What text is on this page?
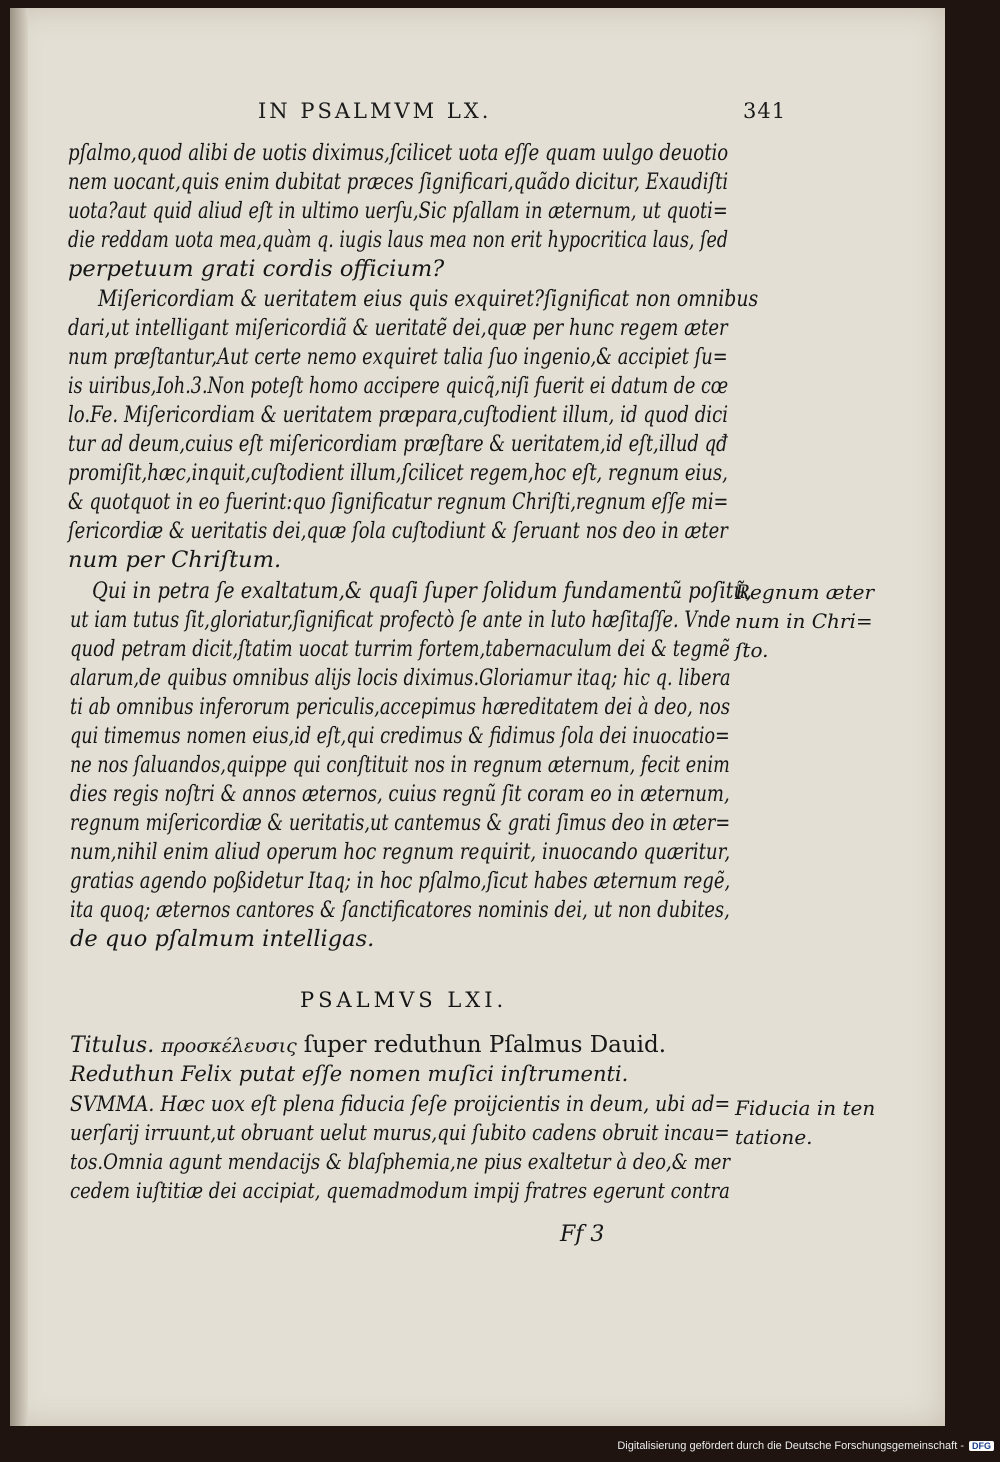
IN PSALMVM LX.	341
pſalmo,quod alibi de uotis diximus,ſcilicet uota eſſe quam uulgo deuotio
nem uocant,quis enim dubitat præces ſignificari,quãdo dicitur, Exaudiſti
uota?aut quid aliud eſt in ultimo uerſu,Sic pſallam in æternum, ut quoti=
die reddam uota mea,quàm q. iugis laus mea non erit hypocritica laus, ſed
perpetuum grati cordis officium?
Miſericordiam & ueritatem eius quis exquiret?ſignificat non omnibus
dari,ut intelligant miſericordiã & ueritatẽ dei,quæ per hunc regem æter
num præſtantur,Aut certe nemo exquiret talia ſuo ingenio,& accipiet ſu=
is uiribus,Ioh.3.Non poteſt homo accipere quicq̃,niſi fuerit ei datum de cœ
lo.Fe. Miſericordiam & ueritatem præpara,cuſtodient illum, id quod dici
tur ad deum,cuius eſt miſericordiam præſtare & ueritatem,id eſt,illud qđ
promiſit,hæc,inquit,cuſtodient illum,ſcilicet regem,hoc eſt, regnum eius,
& quotquot in eo fuerint:quo ſignificatur regnum Chriſti,regnum eſſe mi=
ſericordiæ & ueritatis dei,quæ ſola cuſtodiunt & ſeruant nos deo in æter
num per Chriſtum.
Qui in petra ſe exaltatum,& quaſi ſuper ſolidum fundamentũ poſitũ,
ut iam tutus ſit,gloriatur,ſignificat profectò ſe ante in luto hæſitaſſe. Vnde
quod petram dicit,ſtatim uocat turrim fortem,tabernaculum dei & tegmẽ
alarum,de quibus omnibus alijs locis diximus.Gloriamur itaq; hic q. libera
ti ab omnibus inferorum periculis,accepimus hæreditatem dei à deo, nos
qui timemus nomen eius,id eſt,qui credimus & fidimus ſola dei inuocatio=
ne nos ſaluandos,quippe qui conſtituit nos in regnum æternum, fecit enim
dies regis noſtri & annos æternos, cuius regnũ ſit coram eo in æternum,
regnum miſericordiæ & ueritatis,ut cantemus & grati ſimus deo in æter=
num,nihil enim aliud operum hoc regnum requirit, inuocando quæritur,
gratias agendo poßidetur Itaq; in hoc pſalmo,ſicut habes æternum regẽ,
ita quoq; æternos cantores & ſanctificatores nominis dei, ut non dubites,
de quo pſalmum intelligas.
Regnum æter
num in Chri=
ſto.
PSALMVS LXI.
Titulus. προσκέλευσις ſuper reduthun Pſalmus Dauid.
Reduthun Felix putat eſſe nomen muſici inſtrumenti.
SVMMA. Hæc uox eſt plena fiducia ſeſe proijcientis in deum, ubi ad=
uerſarij irruunt,ut obruant uelut murus,qui ſubito cadens obruit incau=
tos.Omnia agunt mendacijs & blaſphemia,ne pius exaltetur à deo,& mer
cedem iuſtitiæ dei accipiat, quemadmodum impij fratres egerunt contra
Fiducia in ten
tatione.
Ff 3
Digitalisierung gefördert durch die Deutsche Forschungsgemeinschaft - DFG
